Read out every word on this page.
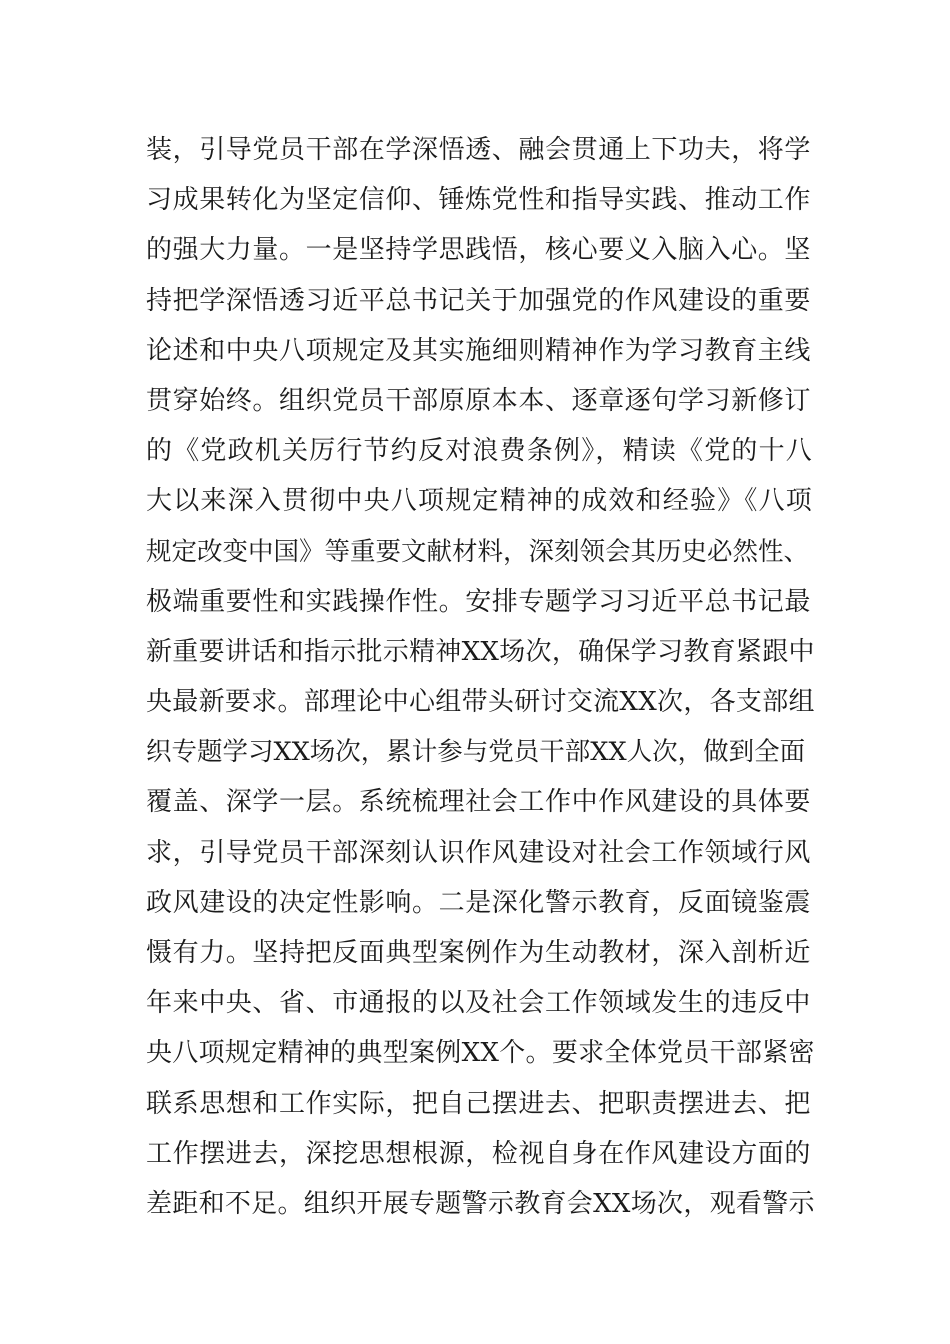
装，引导党员干部在学深悟透、融会贯通上下功夫，将学
习成果转化为坚定信仰、锤炼党性和指导实践、推动工作
的强大力量。一是坚持学思践悟，核心要义入脑入心。坚
持把学深悟透习近平总书记关于加强党的作风建设的重要
论述和中央八项规定及其实施细则精神作为学习教育主线
贯穿始终。组织党员干部原原本本、逐章逐句学习新修订
的《党政机关厉行节约反对浪费条例》，精读《党的十八
大以来深入贯彻中央八项规定精神的成效和经验》《八项
规定改变中国》等重要文献材料，深刻领会其历史必然性、
极端重要性和实践操作性。安排专题学习习近平总书记最
新重要讲话和指示批示精神XX场次，确保学习教育紧跟中
央最新要求。部理论中心组带头研讨交流XX次，各支部组
织专题学习XX场次，累计参与党员干部XX人次，做到全面
覆盖、深学一层。系统梳理社会工作中作风建设的具体要
求，引导党员干部深刻认识作风建设对社会工作领域行风
政风建设的决定性影响。二是深化警示教育，反面镜鉴震
慑有力。坚持把反面典型案例作为生动教材，深入剖析近
年来中央、省、市通报的以及社会工作领域发生的违反中
央八项规定精神的典型案例XX个。要求全体党员干部紧密
联系思想和工作实际，把自己摆进去、把职责摆进去、把
工作摆进去，深挖思想根源，检视自身在作风建设方面的
差距和不足。组织开展专题警示教育会XX场次，观看警示
